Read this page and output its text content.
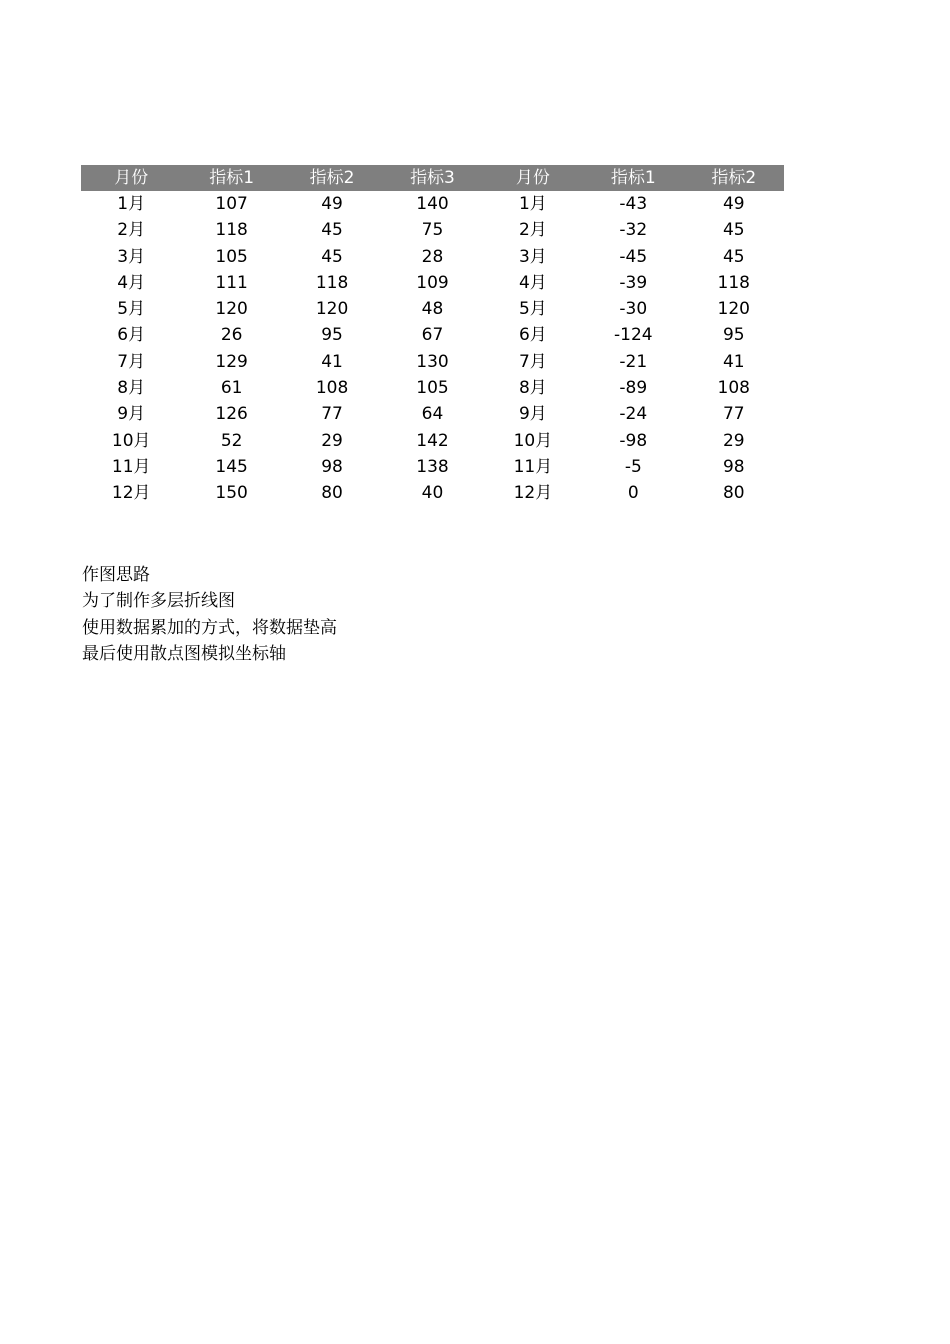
月份	指标1	指标2	指标3	月份	指标1	指标2
1月	107	49	140	1月	-43	49
2月	118	45	75	2月	-32	45
3月	105	45	28	3月	-45	45
4月	111	118	109	4月	-39	118
5月	120	120	48	5月	-30	120
6月	26	95	67	6月	-124	95
7月	129	41	130	7月	-21	41
8月	61	108	105	8月	-89	108
9月	126	77	64	9月	-24	77
10月	52	29	142	10月	-98	29
11月	145	98	138	11月	-5	98
12月	150	80	40	12月	0	80
作图思路
为了制作多层折线图
使用数据累加的方式，将数据垫高
最后使用散点图模拟坐标轴
